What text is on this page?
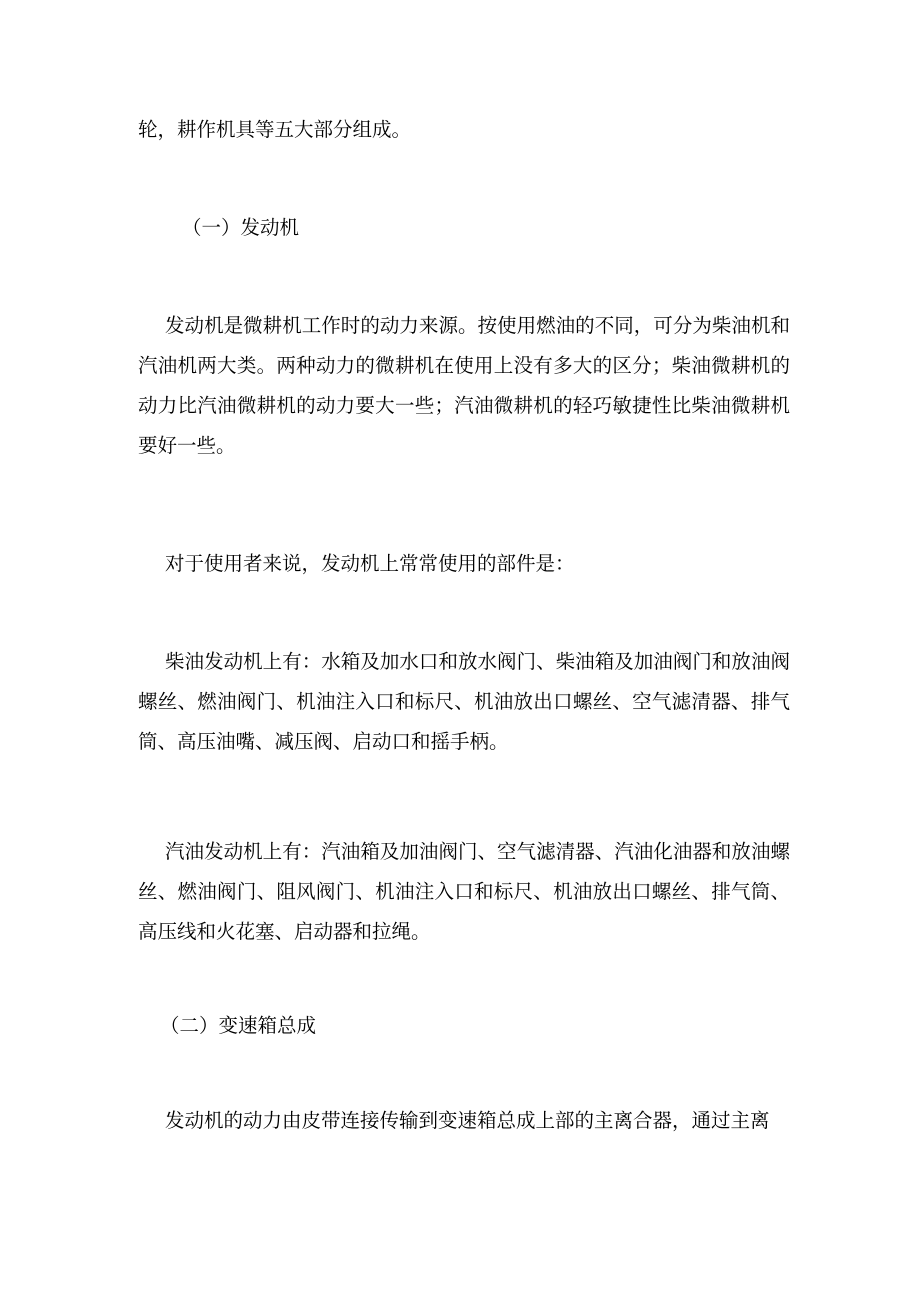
轮，耕作机具等五大部分组成。

（一）发动机

发动机是微耕机工作时的动力来源。按使用燃油的不同，可分为柴油机和汽油机两大类。两种动力的微耕机在使用上没有多大的区分；柴油微耕机的动力比汽油微耕机的动力要大一些；汽油微耕机的轻巧敏捷性比柴油微耕机要好一些。

对于使用者来说，发动机上常常使用的部件是：

柴油发动机上有：水箱及加水口和放水阀门、柴油箱及加油阀门和放油阀螺丝、燃油阀门、机油注入口和标尺、机油放出口螺丝、空气滤清器、排气筒、高压油嘴、减压阀、启动口和摇手柄。

汽油发动机上有：汽油箱及加油阀门、空气滤清器、汽油化油器和放油螺丝、燃油阀门、阻风阀门、机油注入口和标尺、机油放出口螺丝、排气筒、高压线和火花塞、启动器和拉绳。

（二）变速箱总成

发动机的动力由皮带连接传输到变速箱总成上部的主离合器，通过主离
